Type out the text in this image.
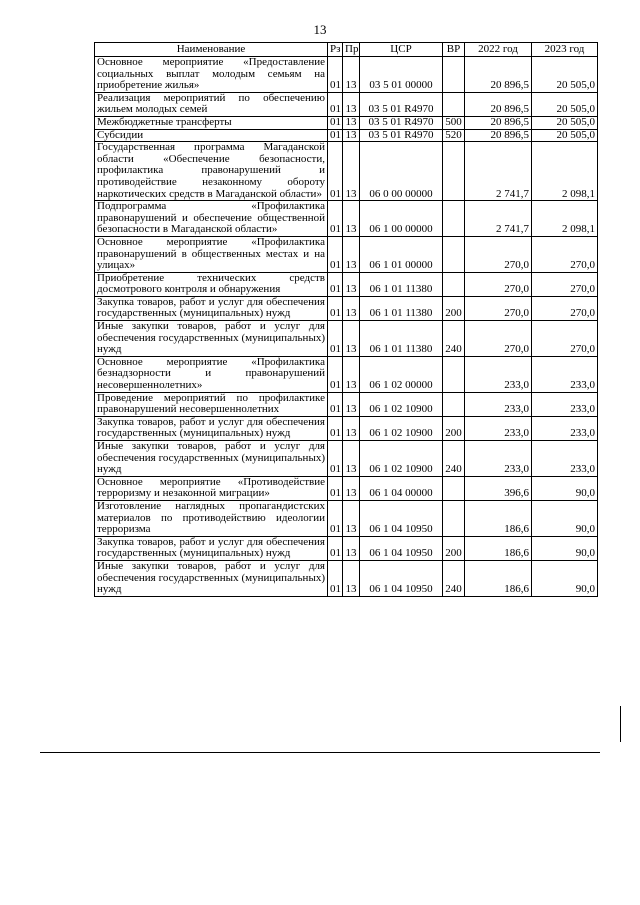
13
Наименование	Рз	Пр	ЦСР	ВР	2022 год	2023 год
Основное мероприятие «Предоставление социальных выплат молодым семьям на приобретение жилья»	01	13	03 5 01 00000		20 896,5	20 505,0
Реализация мероприятий по обеспечению жильем молодых семей	01	13	03 5 01 R4970		20 896,5	20 505,0
Межбюджетные трансферты	01	13	03 5 01 R4970	500	20 896,5	20 505,0
Субсидии	01	13	03 5 01 R4970	520	20 896,5	20 505,0
Государственная программа Магаданской области «Обеспечение безопасности, профилактика правонарушений и противодействие незаконному обороту наркотических средств в Магаданской области»	01	13	06 0 00 00000		2 741,7	2 098,1
Подпрограмма «Профилактика правонарушений и обеспечение общественной безопасности в Магаданской области»	01	13	06 1 00 00000		2 741,7	2 098,1
Основное мероприятие «Профилактика правонарушений в общественных местах и на улицах»	01	13	06 1 01 00000		270,0	270,0
Приобретение технических средств досмотрового контроля и обнаружения	01	13	06 1 01 11380		270,0	270,0
Закупка товаров, работ и услуг для обеспечения государственных (муниципальных) нужд	01	13	06 1 01 11380	200	270,0	270,0
Иные закупки товаров, работ и услуг для обеспечения государственных (муниципальных) нужд	01	13	06 1 01 11380	240	270,0	270,0
Основное мероприятие «Профилактика безнадзорности и правонарушений несовершеннолетних»	01	13	06 1 02 00000		233,0	233,0
Проведение мероприятий по профилактике правонарушений несовершеннолетних	01	13	06 1 02 10900		233,0	233,0
Закупка товаров, работ и услуг для обеспечения государственных (муниципальных) нужд	01	13	06 1 02 10900	200	233,0	233,0
Иные закупки товаров, работ и услуг для обеспечения государственных (муниципальных) нужд	01	13	06 1 02 10900	240	233,0	233,0
Основное мероприятие «Противодействие терроризму и незаконной миграции»	01	13	06 1 04 00000		396,6	90,0
Изготовление наглядных пропагандистских материалов по противодействию идеологии терроризма	01	13	06 1 04 10950		186,6	90,0
Закупка товаров, работ и услуг для обеспечения государственных (муниципальных) нужд	01	13	06 1 04 10950	200	186,6	90,0
Иные закупки товаров, работ и услуг для обеспечения государственных (муниципальных) нужд	01	13	06 1 04 10950	240	186,6	90,0
